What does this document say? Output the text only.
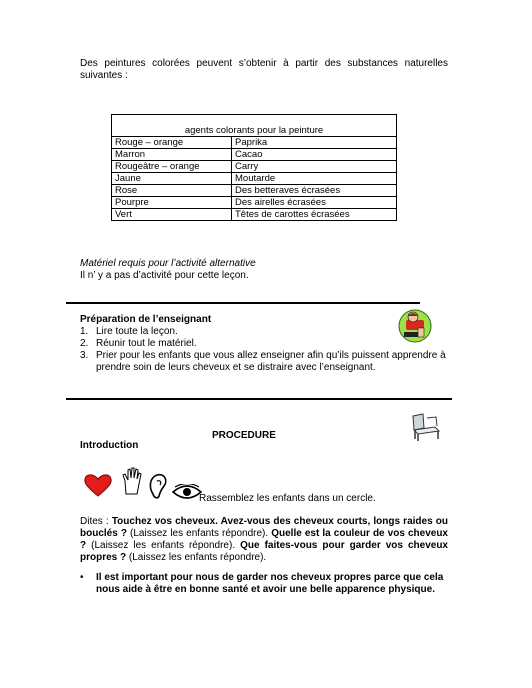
Des peintures colorées peuvent s’obtenir à partir des substances naturelles suivantes :
agents colorants pour la peinture	
Rouge – orange	Paprika
Marron	Cacao
Rougeâtre – orange	Carry
Jaune	Moutarde
Rose	Des betteraves écrasées
Pourpre	Des airelles écrasées
Vert	Têtes de carottes écrasées
Matériel requis pour l’activité alternative
Il n’ y a pas d’activité pour cette leçon.
Préparation de l’enseignant
1. Lire toute la leçon.
2. Réunir tout le matériel.
3. Prier pour les enfants que vous allez enseigner afin qu’ils puissent apprendre à prendre soin de leurs cheveux et se distraire avec l’enseignant.
PROCEDURE
Introduction
Rassemblez les enfants dans un cercle.
Dites : Touchez vos cheveux. Avez-vous des cheveux courts, longs raides ou bouclés ? (Laissez les enfants répondre). Quelle est la couleur de vos cheveux ? (Laissez les enfants répondre). Que faites-vous pour garder vos cheveux propres ? (Laissez les enfants répondre).
•	Il est important pour nous de garder nos cheveux propres parce que cela nous aide à être en bonne santé et avoir une belle apparence physique.
